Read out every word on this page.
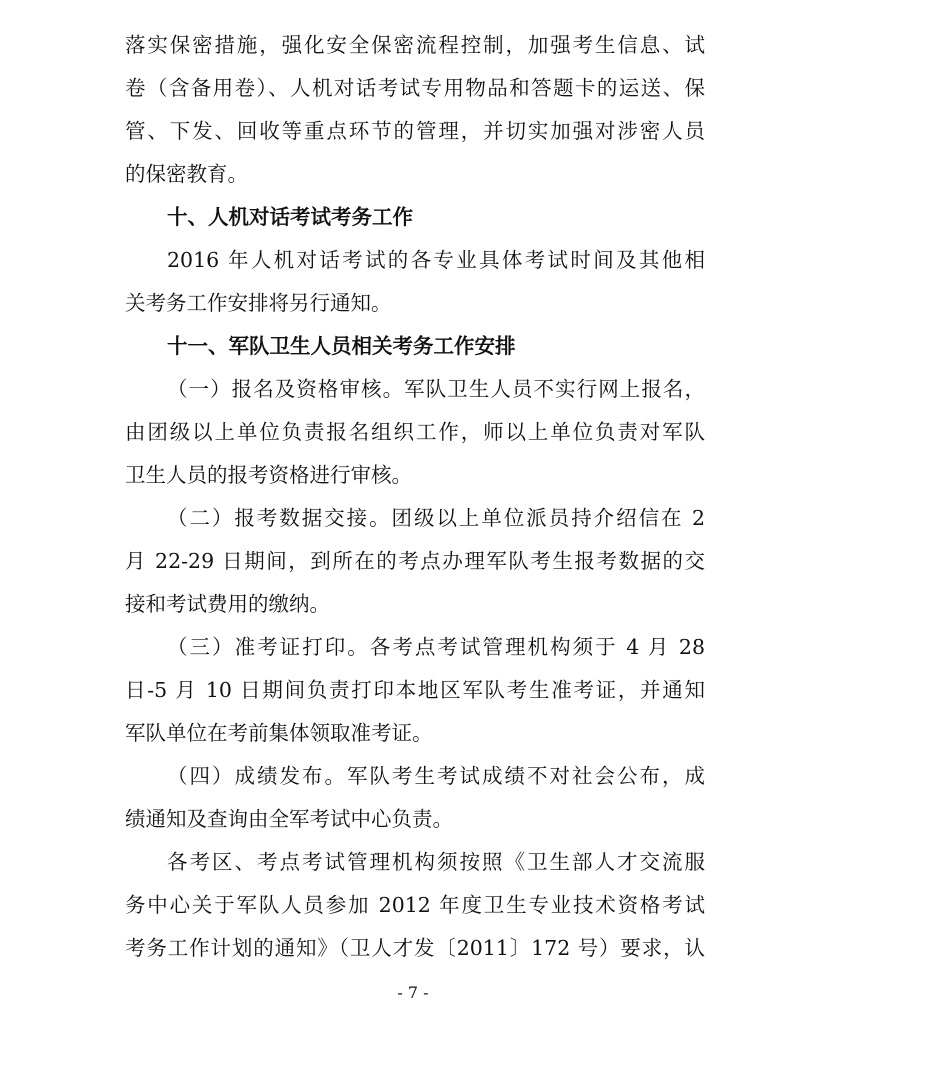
落实保密措施，强化安全保密流程控制，加强考生信息、试
卷（含备用卷）、人机对话考试专用物品和答题卡的运送、保
管、下发、回收等重点环节的管理，并切实加强对涉密人员
的保密教育。
十、人机对话考试考务工作
2016 年人机对话考试的各专业具体考试时间及其他相
关考务工作安排将另行通知。
十一、军队卫生人员相关考务工作安排
（一）报名及资格审核。军队卫生人员不实行网上报名，
由团级以上单位负责报名组织工作，师以上单位负责对军队
卫生人员的报考资格进行审核。
（二）报考数据交接。团级以上单位派员持介绍信在 2
月 22-29 日期间，到所在的考点办理军队考生报考数据的交
接和考试费用的缴纳。
（三）准考证打印。各考点考试管理机构须于 4 月 28
日-5 月 10 日期间负责打印本地区军队考生准考证，并通知
军队单位在考前集体领取准考证。
（四）成绩发布。军队考生考试成绩不对社会公布，成
绩通知及查询由全军考试中心负责。
各考区、考点考试管理机构须按照《卫生部人才交流服
务中心关于军队人员参加 2012 年度卫生专业技术资格考试
考务工作计划的通知》（卫人才发〔2011〕172 号）要求，认
- 7 -
